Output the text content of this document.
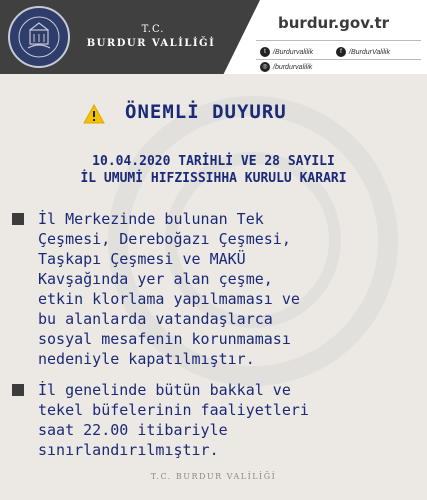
T.C.
BURDUR VALİLİĞİ
burdur.gov.tr
t	/Burdurvalilik	f	/BurdurValilik
◎ /burdurvalilik
ÖNEMLİ DUYURU
10.04.2020 TARİHLİ VE 28 SAYILI
İL UMUMİ HIFZISSIHHA KURULU KARARI
İl Merkezinde bulunan Tek
Çeşmesi, Dereboğazı Çeşmesi,
Taşkapı Çeşmesi ve MAKÜ
Kavşağında yer alan çeşme,
etkin klorlama yapılmaması ve
bu alanlarda vatandaşlarca
sosyal mesafenin korunmaması
nedeniyle kapatılmıştır.
İl genelinde bütün bakkal ve
tekel büfelerinin faaliyetleri
saat 22.00 itibariyle
sınırlandırılmıştır.
T.C. BURDUR VALİLİĞİ
